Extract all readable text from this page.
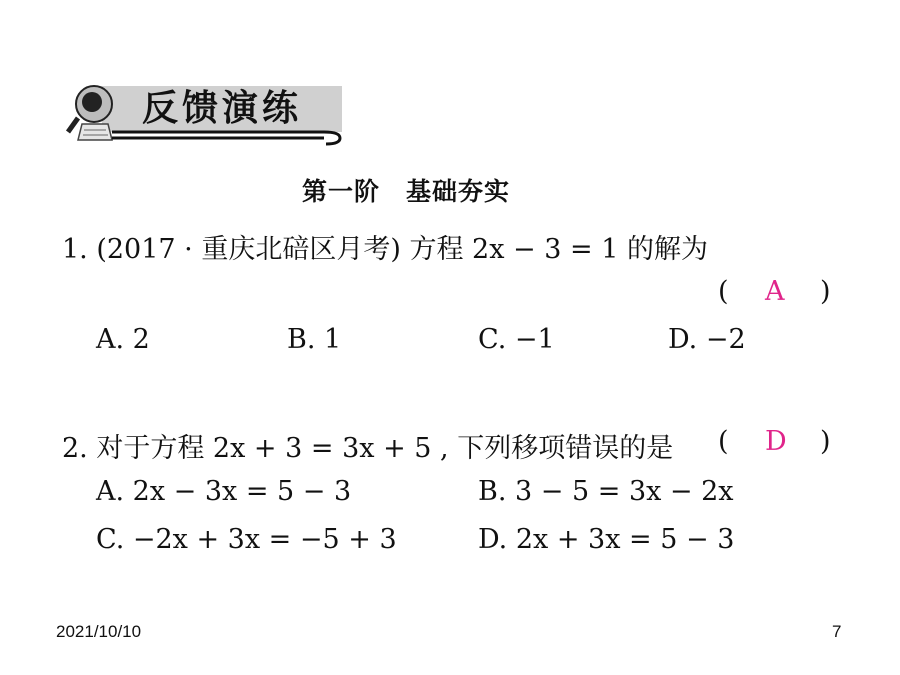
反馈演练
第一阶　基础夯实
1. (2017 · 重庆北碚区月考) 方程 2x − 3 = 1 的解为
( A )
A. 2	B. 1	C. −1	D. −2
2. 对于方程 2x + 3 = 3x + 5 , 下列移项错误的是 ( D )
A. 2x − 3x = 5 − 3	B. 3 − 5 = 3x − 2x
C. −2x + 3x = −5 + 3	D. 2x + 3x = 5 − 3
2021/10/10	7
